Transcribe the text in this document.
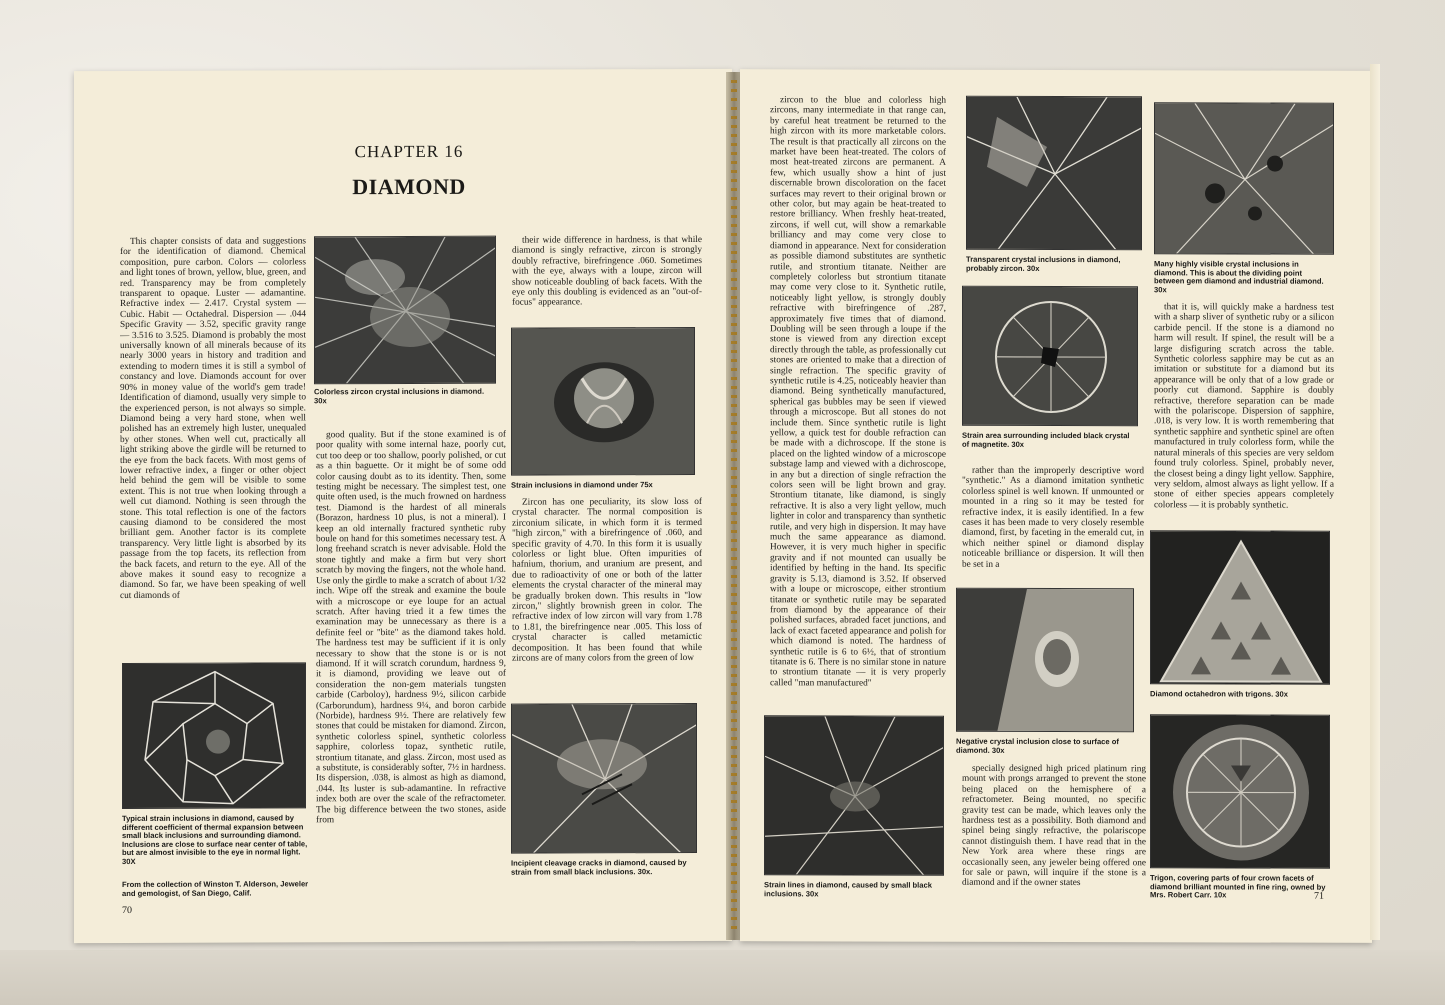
CHAPTER 16
DIAMOND

This chapter consists of data and suggestions for the identification of diamond. Chemical composition, pure carbon. Colors — colorless and light tones of brown, yellow, blue, green, and red. Transparency may be from completely transparent to opaque. Luster — adamantine. Refractive index — 2.417. Crystal system — Cubic. Habit — Octahedral. Dispersion — .044 Specific Gravity — 3.52, specific gravity range — 3.516 to 3.525. Diamond is probably the most universally known of all minerals because of its nearly 3000 years in history and tradition and extending to modern times it is still a symbol of constancy and love. Diamonds account for over 90% in money value of the world's gem trade! Identification of diamond, usually very simple to the experienced person, is not always so simple. Diamond being a very hard stone, when well polished has an extremely high luster, unequaled by other stones. When well cut, practically all light striking above the girdle will be returned to the eye from the back facets. With most gems of lower refractive index, a finger or other object held behind the gem will be visible to some extent. This is not true when looking through a well cut diamond. Nothing is seen through the stone. This total reflection is one of the factors causing diamond to be considered the most brilliant gem. Another factor is its complete transparency. Very little light is absorbed by its passage from the top facets, its reflection from the back facets, and return to the eye. All of the above makes it sound easy to recognize a diamond. So far, we have been speaking of well cut diamonds of

Colorless zircon crystal inclusions in diamond. 30x

good quality. But if the stone examined is of poor quality with some internal haze, poorly cut, cut too deep or too shallow, poorly polished, or cut as a thin baguette. Or it might be of some odd color causing doubt as to its identity. Then, some testing might be necessary. The simplest test, one quite often used, is the much frowned on hardness test. Diamond is the hardest of all minerals (Borazon, hardness 10 plus, is not a mineral). I keep an old internally fractured synthetic ruby boule on hand for this sometimes necessary test. A long freehand scratch is never advisable. Hold the stone tightly and make a firm but very short scratch by moving the fingers, not the whole hand. Use only the girdle to make a scratch of about 1/32 inch. Wipe off the streak and examine the boule with a microscope or eye loupe for an actual scratch. After having tried it a few times the examination may be unnecessary as there is a definite feel or "bite" as the diamond takes hold. The hardness test may be sufficient if it is only necessary to show that the stone is or is not diamond. If it will scratch corundum, hardness 9, it is diamond, providing we leave out of consideration the non-gem materials tungsten carbide (Carboloy), hardness 9½, silicon carbide (Carborundum), hardness 9¼, and boron carbide (Norbide), hardness 9½. There are relatively few stones that could be mistaken for diamond. Zircon, synthetic colorless spinel, synthetic colorless sapphire, colorless topaz, synthetic rutile, strontium titanate, and glass. Zircon, most used as a substitute, is considerably softer, 7½ in hardness. Its dispersion, .038, is almost as high as diamond, .044. Its luster is sub-adamantine. In refractive index both are over the scale of the refractometer. The big difference between the two stones, aside from

their wide difference in hardness, is that while diamond is singly refractive, zircon is strongly doubly refractive, birefringence .060. Sometimes with the eye, always with a loupe, zircon will show noticeable doubling of back facets. With the eye only this doubling is evidenced as an "out-of-focus" appearance.

Strain inclusions in diamond under 75x

Zircon has one peculiarity, its slow loss of crystal character. The normal composition is zirconium silicate, in which form it is termed "high zircon," with a birefringence of .060, and specific gravity of 4.70. In this form it is usually colorless or light blue. Often impurities of hafnium, thorium, and uranium are present, and due to radioactivity of one or both of the latter elements the crystal character of the mineral may be gradually broken down. This results in "low zircon," slightly brownish green in color. The refractive index of low zircon will vary from 1.78 to 1.81, the birefringence near .005. This loss of crystal character is called metamictic decomposition. It has been found that while zircons are of many colors from the green of low

Typical strain inclusions in diamond, caused by different coefficient of thermal expansion between small black inclusions and surrounding diamond. Inclusions are close to surface near center of table, but are almost invisible to the eye in normal light. 30X
From the collection of Winston T. Alderson, Jeweler and gemologist, of San Diego, Calif.
Incipient cleavage cracks in diamond, caused by strain from small black inclusions. 30x.
70

zircon to the blue and colorless high zircons, many intermediate in that range can, by careful heat treatment be returned to the high zircon with its more marketable colors. The result is that practically all zircons on the market have been heat-treated. The colors of most heat-treated zircons are permanent. A few, which usually show a hint of just discernable brown discoloration on the facet surfaces may revert to their original brown or other color, but may again be heat-treated to restore brilliancy. When freshly heat-treated, zircons, if well cut, will show a remarkable brilliancy and may come very close to diamond in appearance. Next for consideration as possible diamond substitutes are synthetic rutile, and strontium titanate. Neither are completely colorless but strontium titanate may come very close to it. Synthetic rutile, noticeably light yellow, is strongly doubly refractive with birefringence of .287, approximately five times that of diamond. Doubling will be seen through a loupe if the stone is viewed from any direction except directly through the table, as professionally cut stones are oriented to make that a direction of single refraction. The specific gravity of synthetic rutile is 4.25, noticeably heavier than diamond. Being synthetically manufactured, spherical gas bubbles may be seen if viewed through a microscope. But all stones do not include them. Since synthetic rutile is light yellow, a quick test for double refraction can be made with a dichroscope. If the stone is placed on the lighted window of a microscope substage lamp and viewed with a dichroscope, in any but a direction of single refraction the colors seen will be light brown and gray. Strontium titanate, like diamond, is singly refractive. It is also a very light yellow, much lighter in color and transparency than synthetic rutile, and very high in dispersion. It may have much the same appearance as diamond. However, it is very much higher in specific gravity and if not mounted can usually be identified by hefting in the hand. Its specific gravity is 5.13, diamond is 3.52. If observed with a loupe or microscope, either strontium titanate or synthetic rutile may be separated from diamond by the appearance of their polished surfaces, abraded facet junctions, and lack of exact faceted appearance and polish for which diamond is noted. The hardness of synthetic rutile is 6 to 6½, that of strontium titanate is 6. There is no similar stone in nature to strontium titanate — it is very properly called "man manufactured"

Transparent crystal inclusions in diamond, probably zircon. 30x	Many highly visible crystal inclusions in diamond. This is about the dividing point between gem diamond and industrial diamond. 30x
Strain area surrounding included black crystal of magnetite. 30x

rather than the improperly descriptive word "synthetic." As a diamond imitation synthetic colorless spinel is well known. If unmounted or mounted in a ring so it may be tested for refractive index, it is easily identified. In a few cases it has been made to very closely resemble diamond, first, by faceting in the emerald cut, in which neither spinel or diamond display noticeable brilliance or dispersion. It will then be set in a

Negative crystal inclusion close to surface of diamond. 30x

that it is, will quickly make a hardness test with a sharp sliver of synthetic ruby or a silicon carbide pencil. If the stone is a diamond no harm will result. If spinel, the result will be a large disfiguring scratch across the table. Synthetic colorless sapphire may be cut as an imitation or substitute for a diamond but its appearance will be only that of a low grade or poorly cut diamond. Sapphire is doubly refractive, therefore separation can be made with the polariscope. Dispersion of sapphire, .018, is very low. It is worth remembering that synthetic sapphire and synthetic spinel are often manufactured in truly colorless form, while the natural minerals of this species are very seldom found truly colorless. Spinel, probably never, the closest being a dingy light yellow. Sapphire, very seldom, almost always as light yellow. If a stone of either species appears completely colorless — it is probably synthetic.

Diamond octahedron with trigons. 30x
Strain lines in diamond, caused by small black inclusions. 30x

specially designed high priced platinum ring mount with prongs arranged to prevent the stone being placed on the hemisphere of a refractometer. Being mounted, no specific gravity test can be made, which leaves only the hardness test as a possibility. Both diamond and spinel being singly refractive, the polariscope cannot distinguish them. I have read that in the New York area where these rings are occasionally seen, any jeweler being offered one for sale or pawn, will inquire if the stone is a diamond and if the owner states

Trigon, covering parts of four crown facets of diamond brilliant mounted in fine ring, owned by Mrs. Robert Carr. 10x	71
